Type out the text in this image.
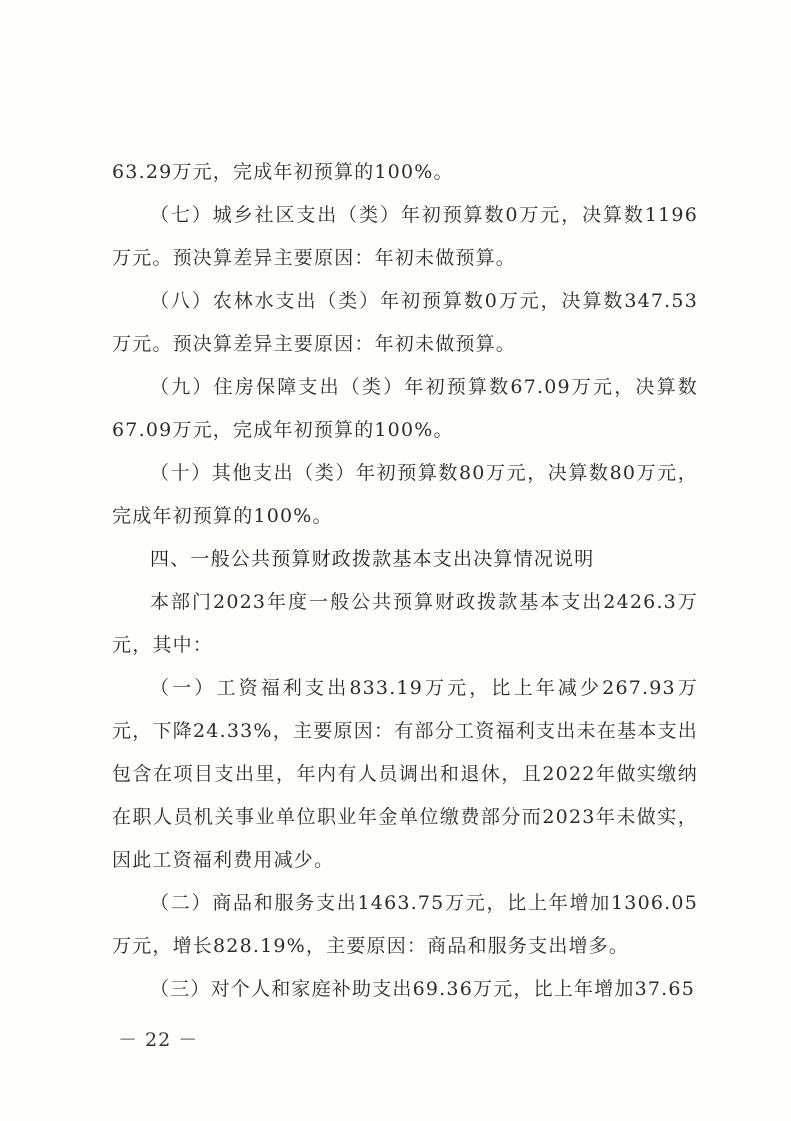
63.29万元，完成年初预算的100%。

（七）城乡社区支出（类）年初预算数0万元，决算数1196万元。预决算差异主要原因：年初未做预算。

（八）农林水支出（类）年初预算数0万元，决算数347.53万元。预决算差异主要原因：年初未做预算。

（九）住房保障支出（类）年初预算数67.09万元，决算数67.09万元，完成年初预算的100%。

（十）其他支出（类）年初预算数80万元，决算数80万元，完成年初预算的100%。

四、一般公共预算财政拨款基本支出决算情况说明

本部门2023年度一般公共预算财政拨款基本支出2426.3万元，其中：

（一）工资福利支出833.19万元，比上年减少267.93万元，下降24.33%，主要原因：有部分工资福利支出未在基本支出包含在项目支出里，年内有人员调出和退休，且2022年做实缴纳在职人员机关事业单位职业年金单位缴费部分而2023年未做实，因此工资福利费用减少。

（二）商品和服务支出1463.75万元，比上年增加1306.05万元，增长828.19%，主要原因：商品和服务支出增多。

（三）对个人和家庭补助支出69.36万元，比上年增加37.65

－ 22 －
